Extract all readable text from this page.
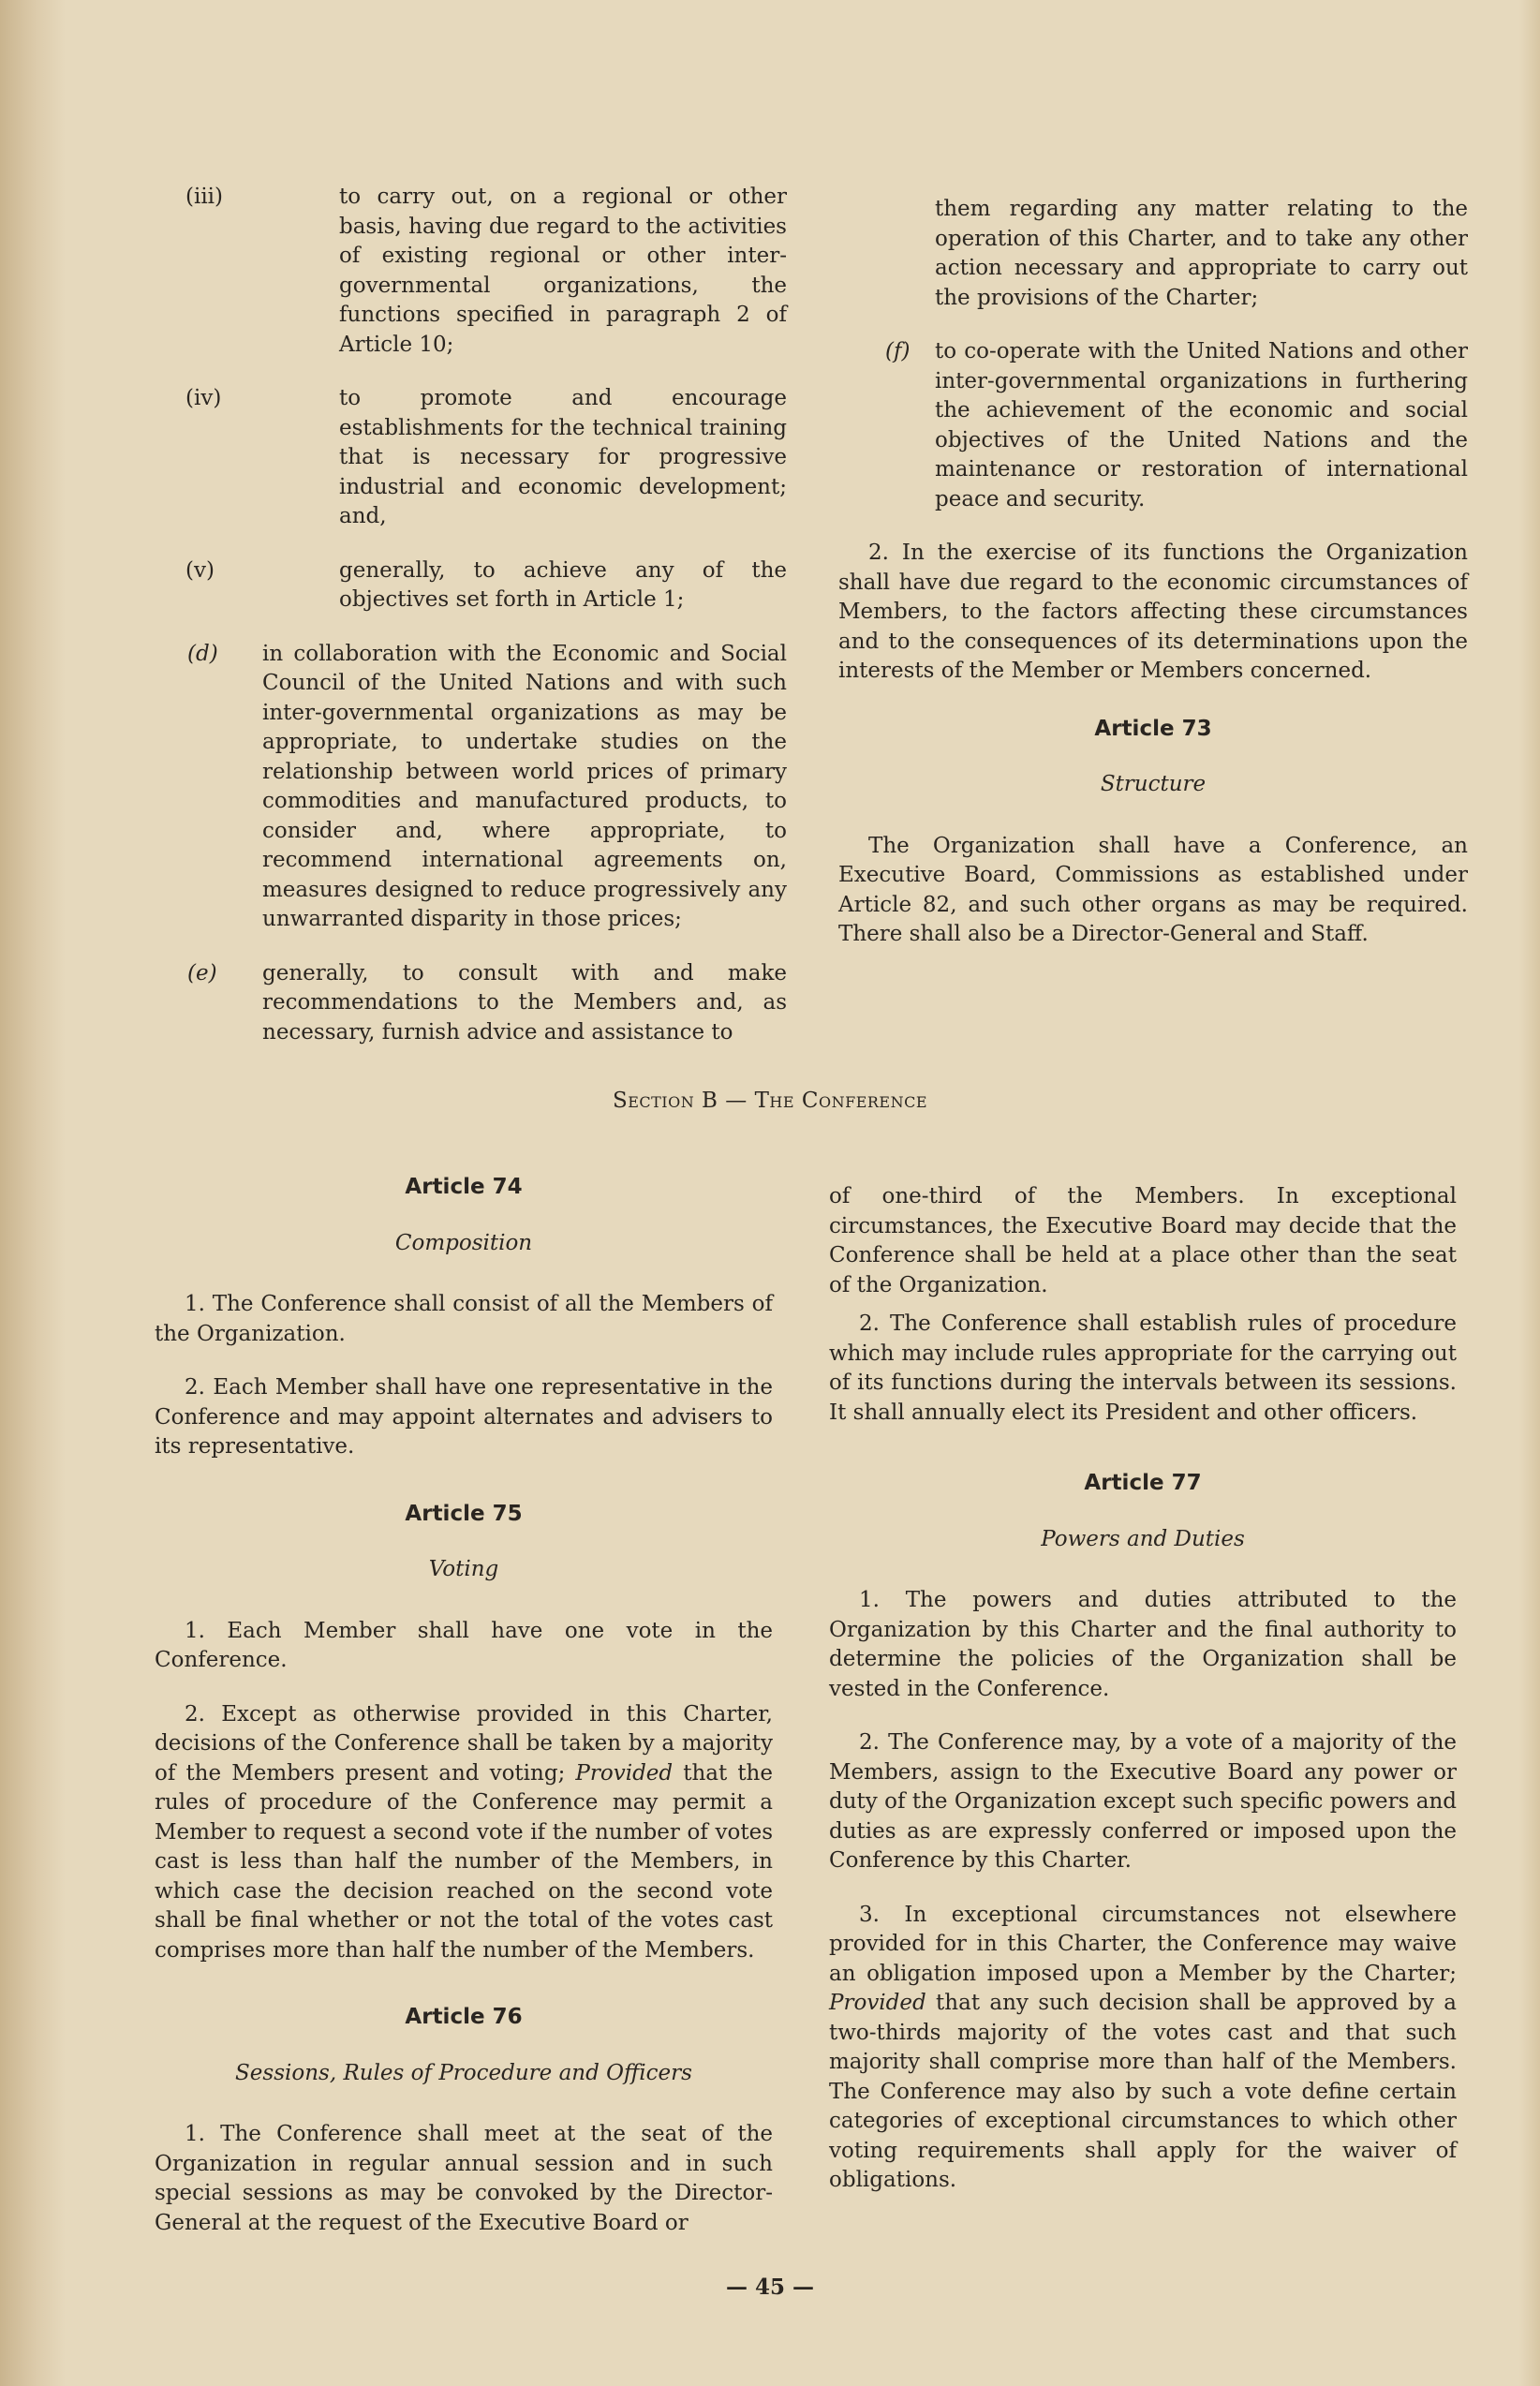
(iii)	to carry out, on a regional or other basis, having due regard to the activities of existing regional or other inter-governmental organizations, the functions specified in paragraph 2 of Article 10;
(iv)	to promote and encourage establishments for the technical training that is necessary for progressive industrial and economic development; and,
(v)	generally, to achieve any of the objectives set forth in Article 1;
(d) in collaboration with the Economic and Social Council of the United Nations and with such inter-governmental organizations as may be appropriate, to undertake studies on the relationship between world prices of primary commodities and manufactured products, to consider and, where appropriate, to recommend international agreements on, measures designed to reduce progressively any unwarranted disparity in those prices;
(e) generally, to consult with and make recommendations to the Members and, as necessary, furnish advice and assistance to

them regarding any matter relating to the operation of this Charter, and to take any other action necessary and appropriate to carry out the provisions of the Charter;

(f) to co-operate with the United Nations and other inter-governmental organizations in furthering the achievement of the economic and social objectives of the United Nations and the maintenance or restoration of international peace and security.

2. In the exercise of its functions the Organization shall have due regard to the economic circumstances of Members, to the factors affecting these circumstances and to the consequences of its determinations upon the interests of the Member or Members concerned.

Article 73
Structure

The Organization shall have a Conference, an Executive Board, Commissions as established under Article 82, and such other organs as may be required. There shall also be a Director-General and Staff.

Section B — The Conference
Article 74
Composition

1. The Conference shall consist of all the Members of the Organization.

2. Each Member shall have one representative in the Conference and may appoint alternates and advisers to its representative.

Article 75
Voting

1. Each Member shall have one vote in the Conference.

2. Except as otherwise provided in this Charter, decisions of the Conference shall be taken by a majority of the Members present and voting; Provided that the rules of procedure of the Conference may permit a Member to request a second vote if the number of votes cast is less than half the number of the Members, in which case the decision reached on the second vote shall be final whether or not the total of the votes cast comprises more than half the number of the Members.

Article 76
Sessions, Rules of Procedure and Officers

1. The Conference shall meet at the seat of the Organization in regular annual session and in such special sessions as may be convoked by the Director-General at the request of the Executive Board or

of one-third of the Members. In exceptional circumstances, the Executive Board may decide that the Conference shall be held at a place other than the seat of the Organization.

2. The Conference shall establish rules of procedure which may include rules appropriate for the carrying out of its functions during the intervals between its sessions. It shall annually elect its President and other officers.

Article 77
Powers and Duties

1. The powers and duties attributed to the Organization by this Charter and the final authority to determine the policies of the Organization shall be vested in the Conference.

2. The Conference may, by a vote of a majority of the Members, assign to the Executive Board any power or duty of the Organization except such specific powers and duties as are expressly conferred or imposed upon the Conference by this Charter.

3. In exceptional circumstances not elsewhere provided for in this Charter, the Conference may waive an obligation imposed upon a Member by the Charter; Provided that any such decision shall be approved by a two-thirds majority of the votes cast and that such majority shall comprise more than half of the Members. The Conference may also by such a vote define certain categories of exceptional circumstances to which other voting requirements shall apply for the waiver of obligations.

— 45 —
